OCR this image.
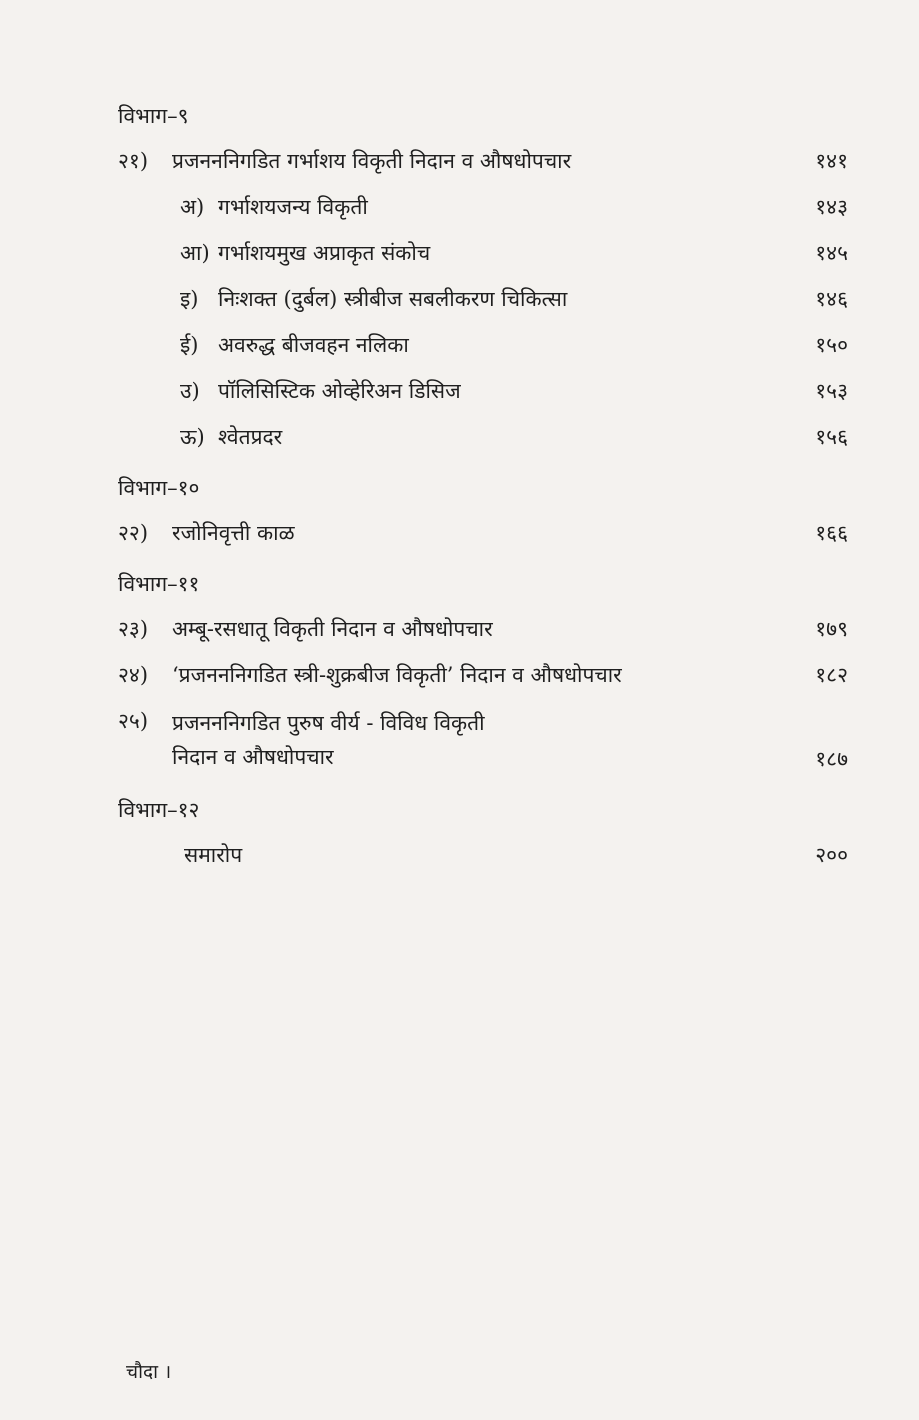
विभाग–९
२१)	प्रजनननिगडित गर्भाशय विकृती निदान व औषधोपचार	१४१
अ) गर्भाशयजन्य विकृती	१४३
आ) गर्भाशयमुख अप्राकृत संकोच	१४५
इ) निःशक्त (दुर्बल) स्त्रीबीज सबलीकरण चिकित्सा	१४६
ई) अवरुद्ध बीजवहन नलिका	१५०
उ) पॉलिसिस्टिक ओव्हेरिअन डिसिज	१५३
ऊ) श्वेतप्रदर	१५६
विभाग–१०
२२)	रजोनिवृत्ती काळ	१६६
विभाग–११
२३)	अम्बू-रसधातू विकृती निदान व औषधोपचार	१७९
२४)	‘प्रजनननिगडित स्त्री-शुक्रबीज विकृती’ निदान व औषधोपचार	१८२
२५)	प्रजनननिगडित पुरुष वीर्य - विविध विकृती
निदान व औषधोपचार	१८७
विभाग–१२
समारोप	२००
चौदा ।
